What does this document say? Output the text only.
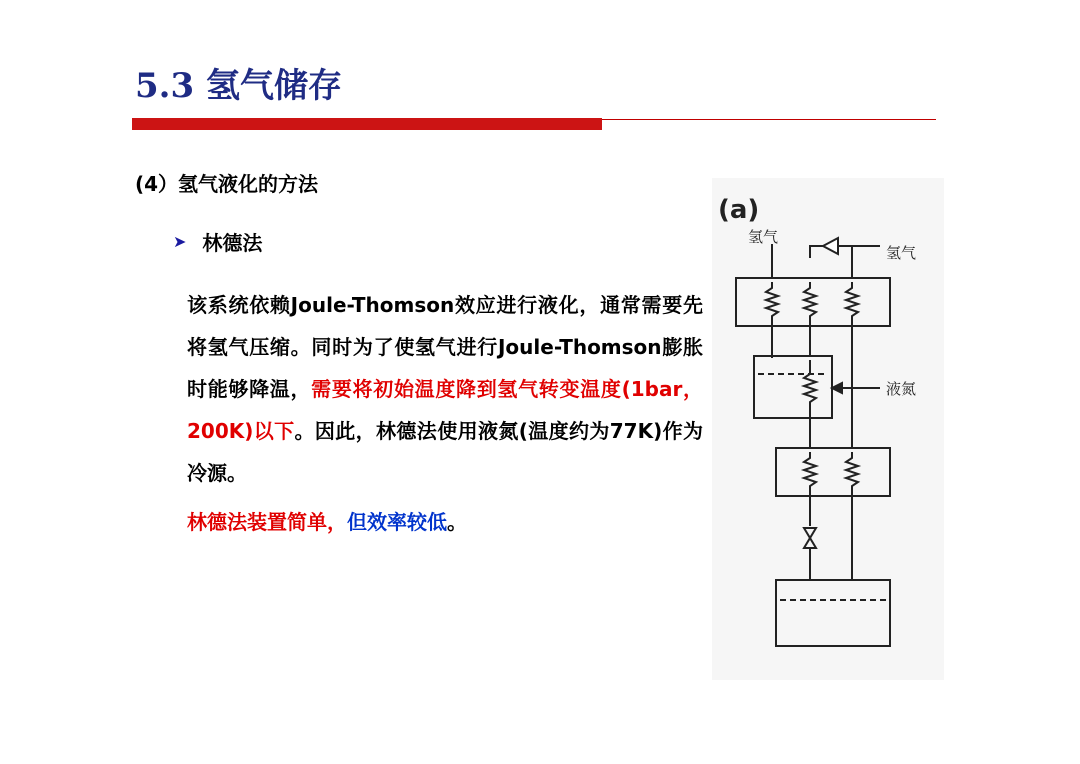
5.3 氢气储存
(4）氢气液化的方法
➤ 林德法

该系统依赖Joule-Thomson效应进行液化，通常需要先将氢气压缩。同时为了使氢气进行Joule-Thomson膨胀时能够降温，需要将初始温度降到氢气转变温度(1bar，200K)以下。因此，林德法使用液氮(温度约为77K)作为冷源。

林德法装置简单，但效率较低。

(a)
氢气
氢气
液氮
